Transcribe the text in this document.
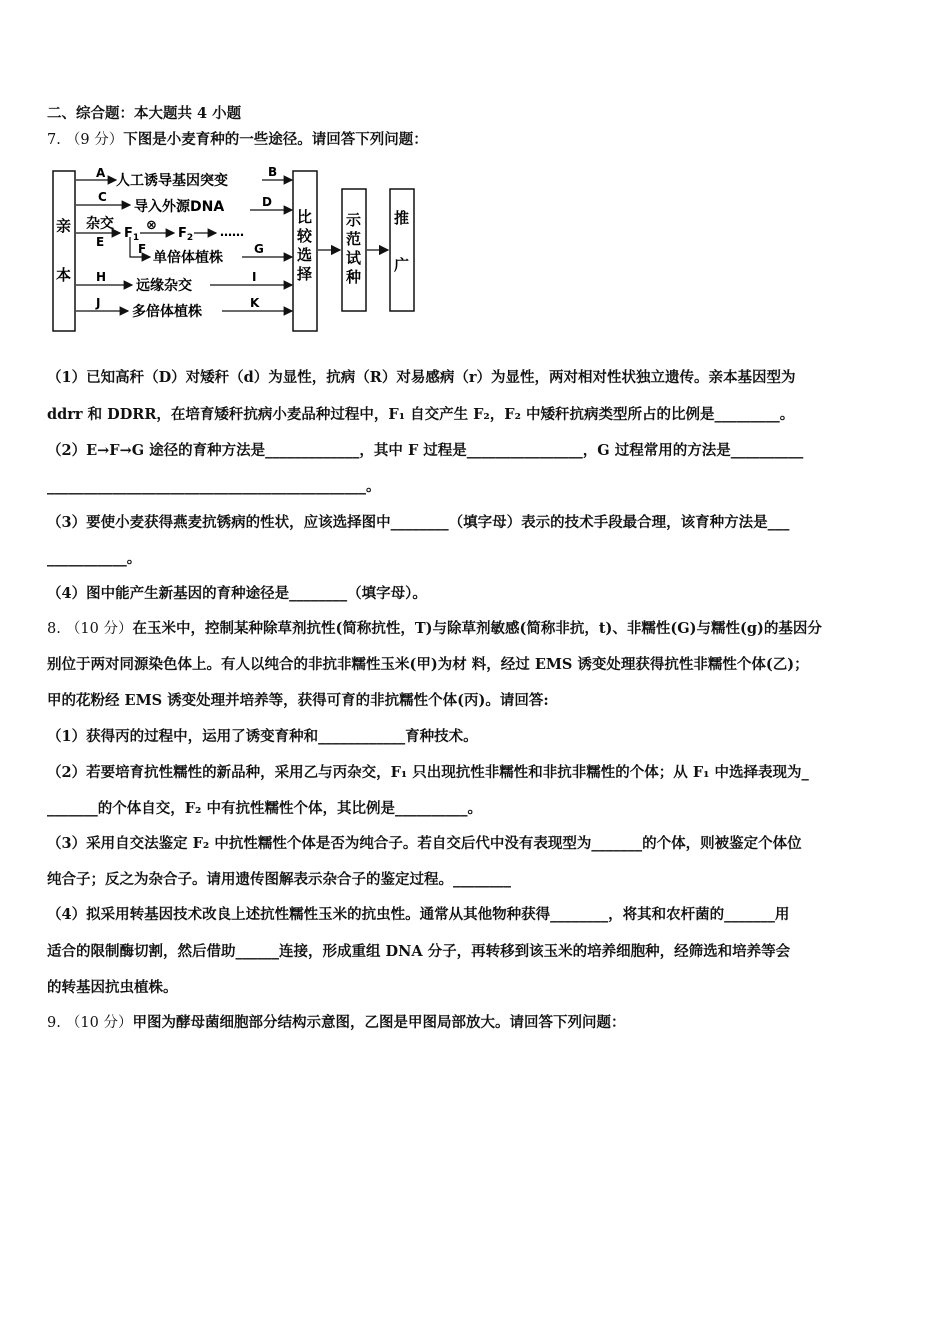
二、综合题：本大题共 4 小题
7. （9 分）下图是小麦育种的一些途径。请回答下列问题：
亲
本
比
较
选
择
示
范
试
种
推
广
A 人工诱导基因突变
B
C
导入外源DNA	D
杂交
E
$F_1$
⊗
$F_2$ ……
F
单倍体植株
G
H
远缘杂交
I
J
多倍体植株
K
（1）已知高秆（D）对矮秆（d）为显性，抗病（R）对易感病（r）为显性，两对相对性状独立遗传。亲本基因型为
ddrr 和 DDRR，在培育矮秆抗病小麦品种过程中，F₁ 自交产生 F₂，F₂ 中矮秆抗病类型所占的比例是_________。
（2）E→F→G 途径的育种方法是_____________，其中 F 过程是________________，G 过程常用的方法是__________
____________________________________________。
（3）要使小麦获得燕麦抗锈病的性状，应该选择图中________（填字母）表示的技术手段最合理，该育种方法是___
___________。
（4）图中能产生新基因的育种途径是________（填字母）。
8. （10 分）在玉米中，控制某种除草剂抗性(简称抗性，T)与除草剂敏感(简称非抗，t)、非糯性(G)与糯性(g)的基因分
别位于两对同源染色体上。有人以纯合的非抗非糯性玉米(甲)为材 料，经过 EMS 诱变处理获得抗性非糯性个体(乙)；
甲的花粉经 EMS 诱变处理并培养等，获得可育的非抗糯性个体(丙)。请回答:
（1）获得丙的过程中，运用了诱变育种和____________育种技术。
（2）若要培育抗性糯性的新品种，采用乙与丙杂交，F₁ 只出现抗性非糯性和非抗非糯性的个体；从 F₁ 中选择表现为_
_______的个体自交，F₂ 中有抗性糯性个体，其比例是__________。
（3）采用自交法鉴定 F₂ 中抗性糯性个体是否为纯合子。若自交后代中没有表现型为_______的个体，则被鉴定个体位
纯合子；反之为杂合子。请用遗传图解表示杂合子的鉴定过程。________
（4）拟采用转基因技术改良上述抗性糯性玉米的抗虫性。通常从其他物种获得________，将其和农杆菌的_______用
适合的限制酶切割，然后借助______连接，形成重组 DNA 分子，再转移到该玉米的培养细胞种，经筛选和培养等会
的转基因抗虫植株。
9. （10 分）甲图为酵母菌细胞部分结构示意图，乙图是甲图局部放大。请回答下列问题：
